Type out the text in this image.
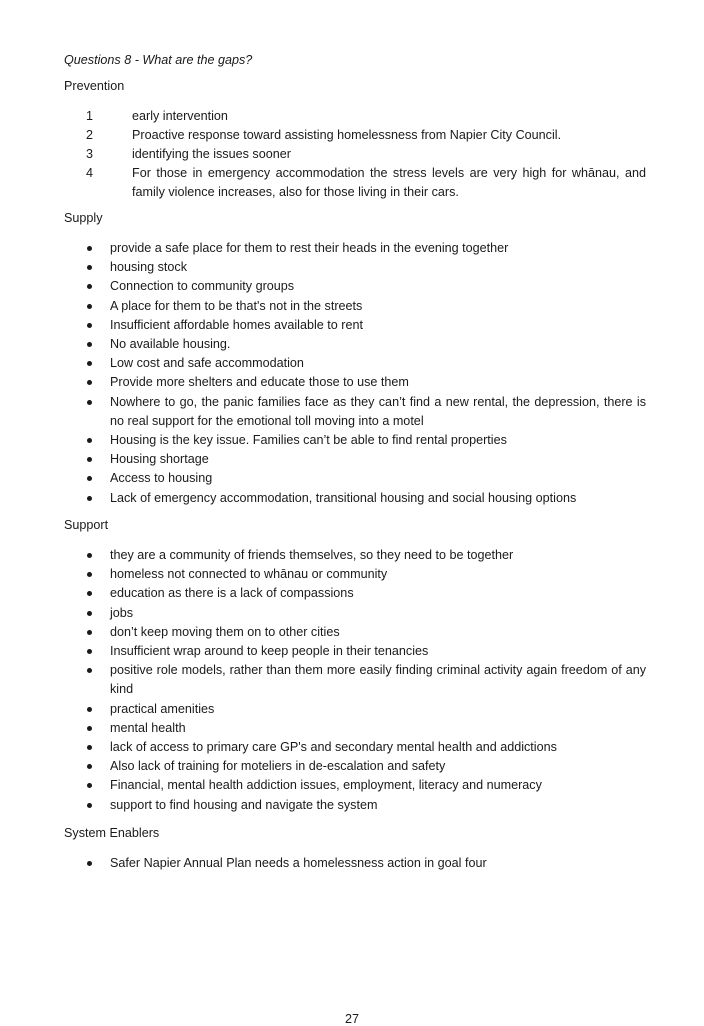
Questions 8 - What are the gaps?
Prevention
1	early intervention
2	Proactive response toward assisting homelessness from Napier City Council.
3	identifying the issues sooner
4	For those in emergency accommodation the stress levels are very high for whānau, and family violence increases, also for those living in their cars.
Supply
provide a safe place for them to rest their heads in the evening together
housing stock
Connection to community groups
A place for them to be that's not in the streets
Insufficient affordable homes available to rent
No available housing.
Low cost and safe accommodation
Provide more shelters and educate those to use them
Nowhere to go, the panic families face as they can’t find a new rental, the depression, there is no real support for the emotional toll moving into a motel
Housing is the key issue. Families can’t be able to find rental properties
Housing shortage
Access to housing
Lack of emergency accommodation, transitional housing and social housing options
Support
they are a community of friends themselves, so they need to be together
homeless not connected to whānau or community
education as there is a lack of compassions
jobs
don’t keep moving them on to other cities
Insufficient wrap around to keep people in their tenancies
positive role models, rather than them more easily finding criminal activity again freedom of any kind
practical amenities
mental health
lack of access to primary care GP's and secondary mental health and addictions
Also lack of training for moteliers in de-escalation and safety
Financial, mental health addiction issues, employment, literacy and numeracy
support to find housing and navigate the system
System Enablers
Safer Napier Annual Plan needs a homelessness action in goal four
27
